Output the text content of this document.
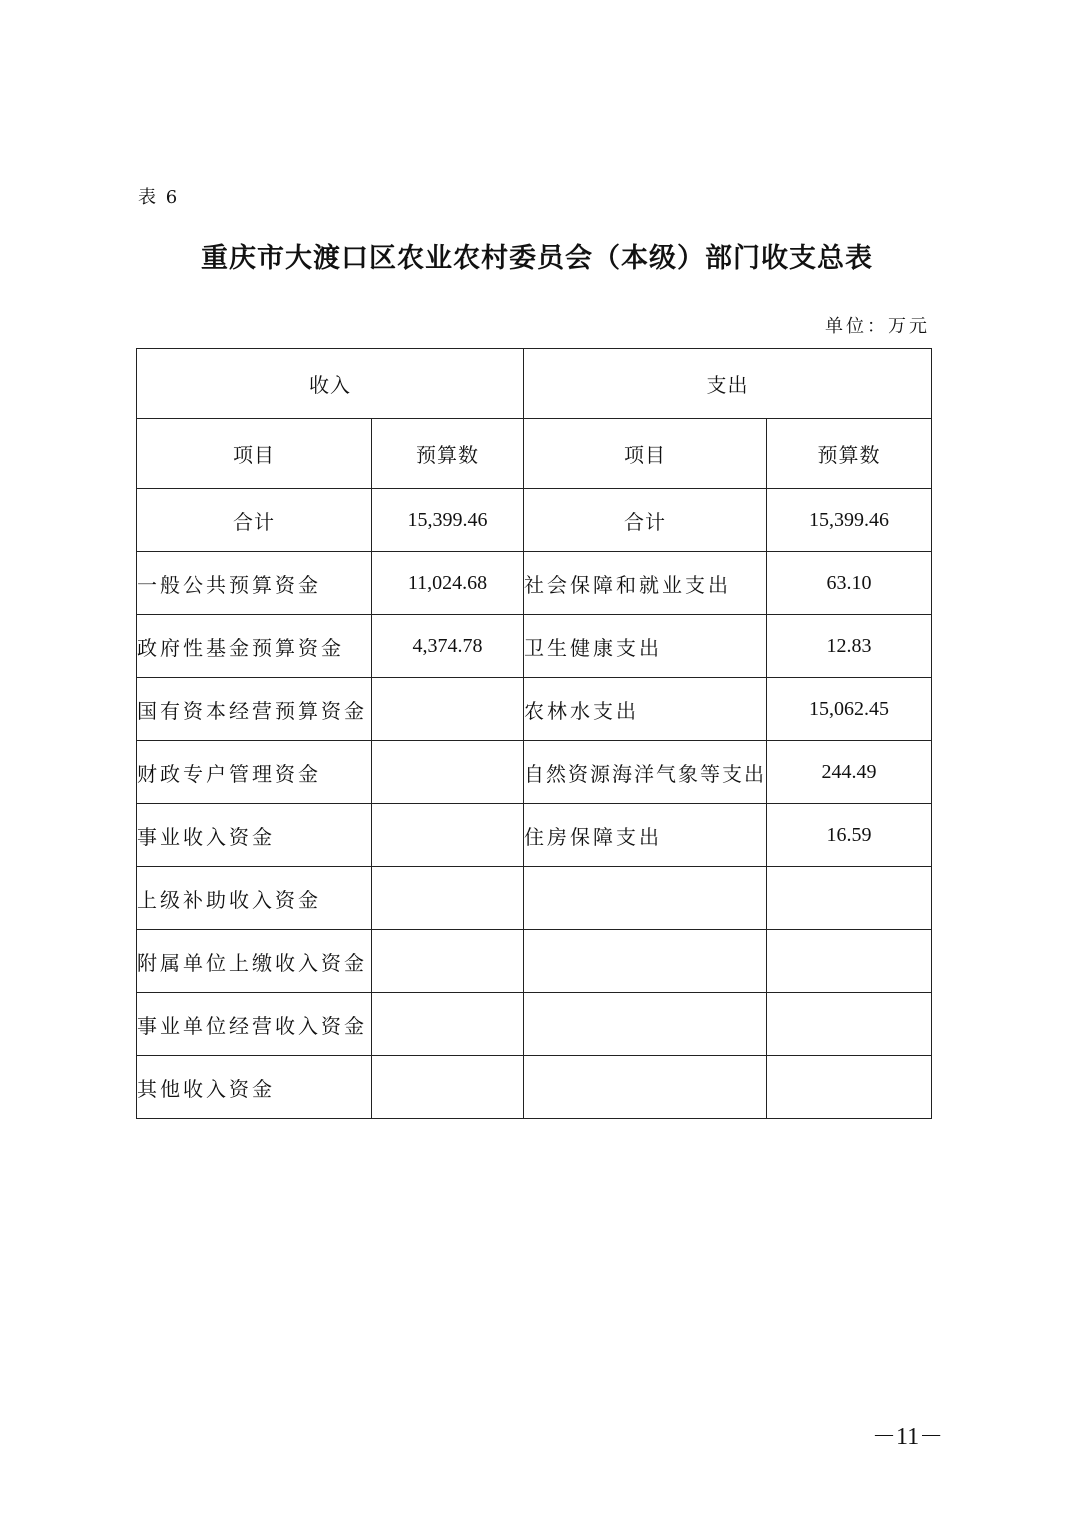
表 6
重庆市大渡口区农业农村委员会（本级）部门收支总表
单位：万元
收入		支出	
项目	预算数	项目	预算数
合计	15,399.46	合计	15,399.46
一般公共预算资金	11,024.68	社会保障和就业支出	63.10
政府性基金预算资金	4,374.78	卫生健康支出	12.83
国有资本经营预算资金		农林水支出	15,062.45
财政专户管理资金		自然资源海洋气象等支出	244.49
事业收入资金		住房保障支出	16.59
上级补助收入资金			
附属单位上缴收入资金			
事业单位经营收入资金			
其他收入资金			
－11－
